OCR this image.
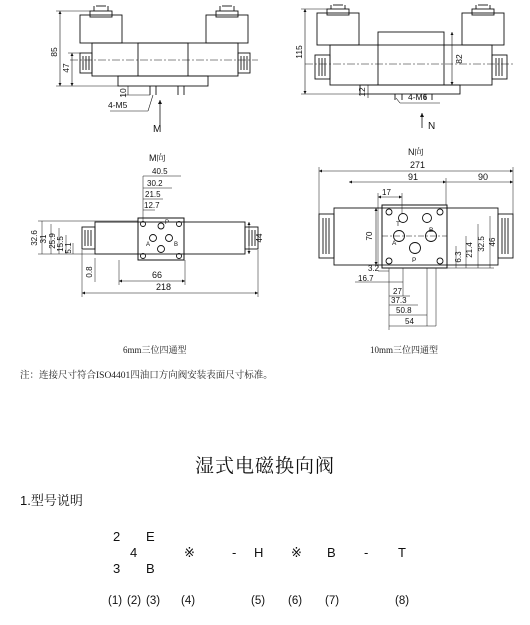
85
47
10
4-M5
M
115
82
12	4-M6
N
M向
40.5
30.2
21.5
12.7
32.6 31 25.9 15.5 5.1
44
0.8	66
218
P
A	B
N向
271
91	90
17
70
3.2
16.7
27
37.3
50.8
54
6.3 21.4 32.5 46
T
A
B
P
6mm三位四通型	10mm三位四通型
注：连接尺寸符合ISO4401四油口方向阀安装表面尺寸标准。
湿式电磁换向阀
1.型号说明
2
3
4
E
B
※	- H ※ B - T
(1) (2) (3) (4)	(5) (6) (7)	(8)
